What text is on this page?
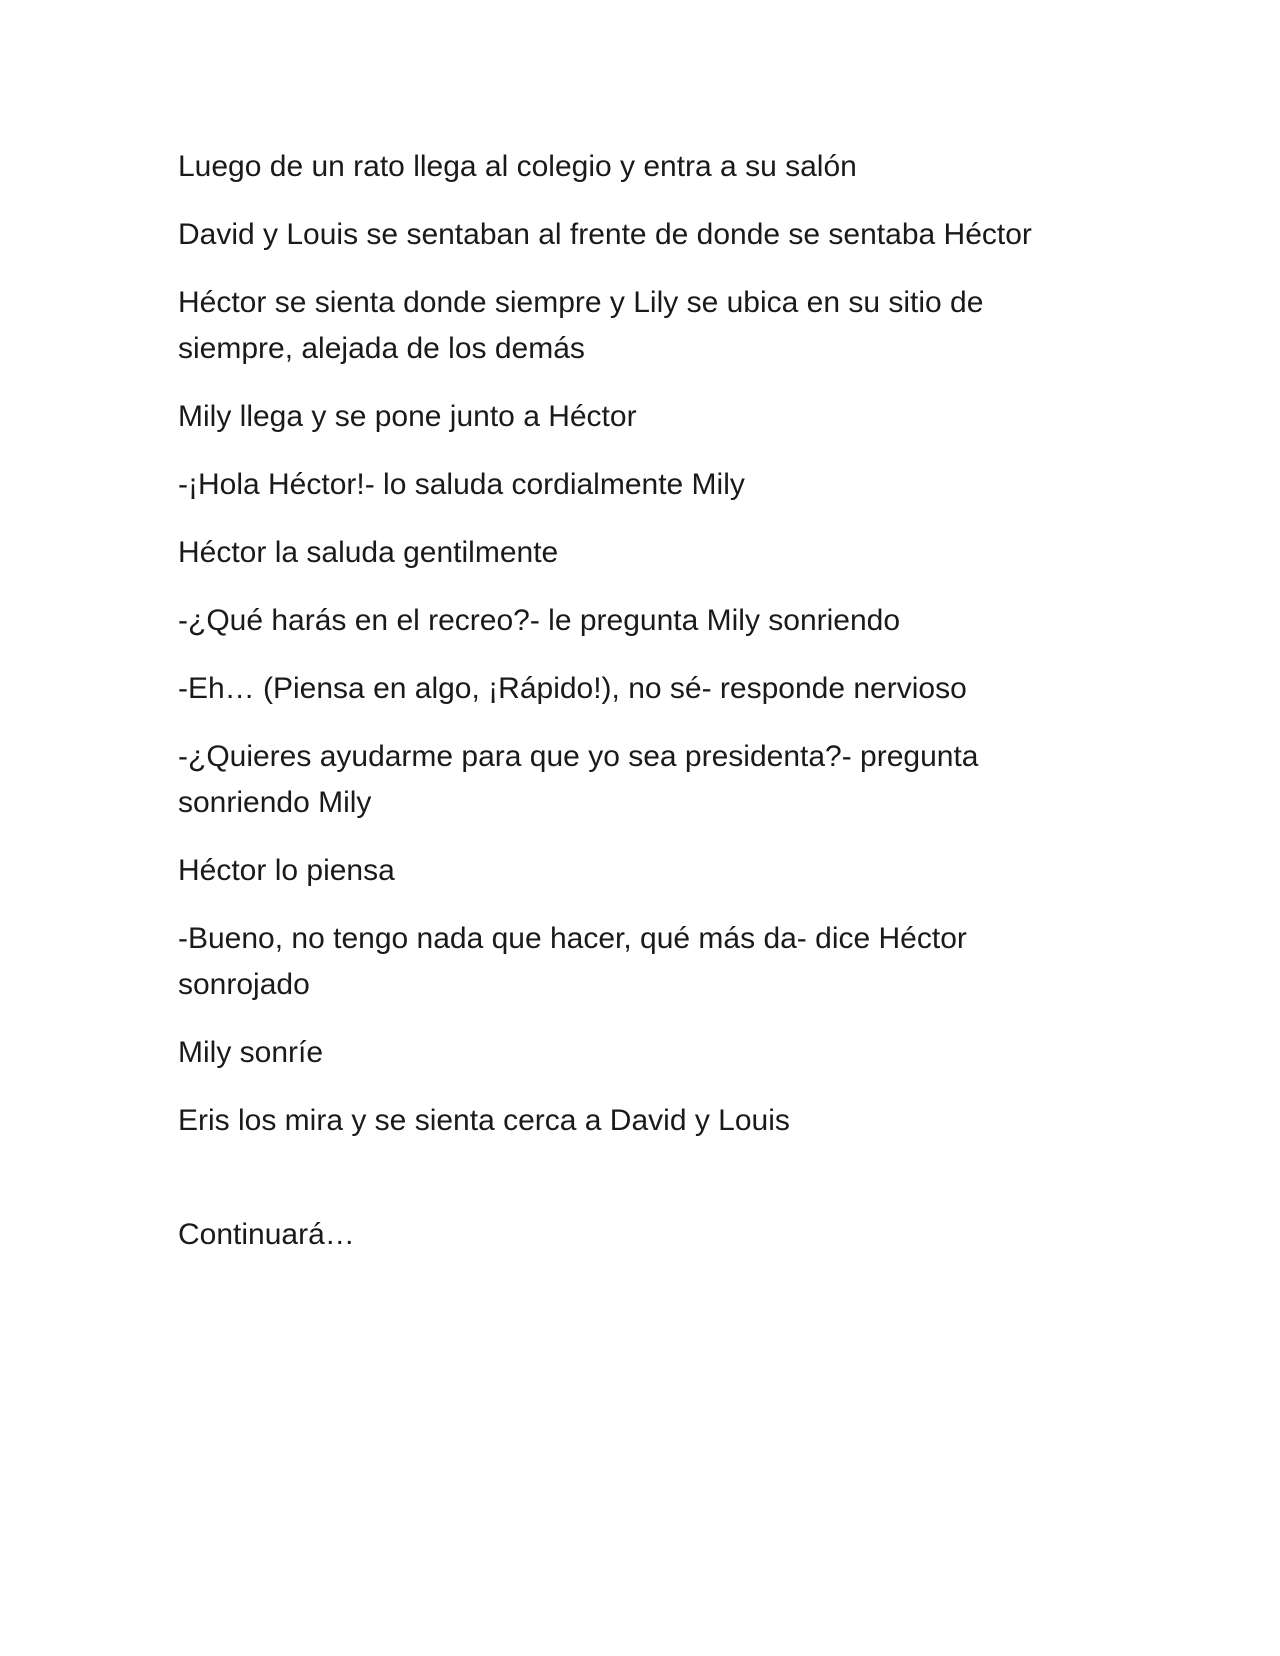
Luego de un rato llega al colegio y entra a su salón

David y Louis se sentaban al frente de donde se sentaba Héctor

Héctor se sienta donde siempre y Lily se ubica en su sitio de siempre, alejada de los demás

Mily llega y se pone junto a Héctor

-¡Hola Héctor!- lo saluda cordialmente Mily

Héctor la saluda gentilmente

-¿Qué harás en el recreo?- le pregunta Mily sonriendo

-Eh… (Piensa en algo, ¡Rápido!), no sé- responde nervioso

-¿Quieres ayudarme para que yo sea presidenta?- pregunta sonriendo Mily

Héctor lo piensa

-Bueno, no tengo nada que hacer, qué más da- dice Héctor sonrojado

Mily sonríe

Eris los mira y se sienta cerca a David y Louis

Continuará…
